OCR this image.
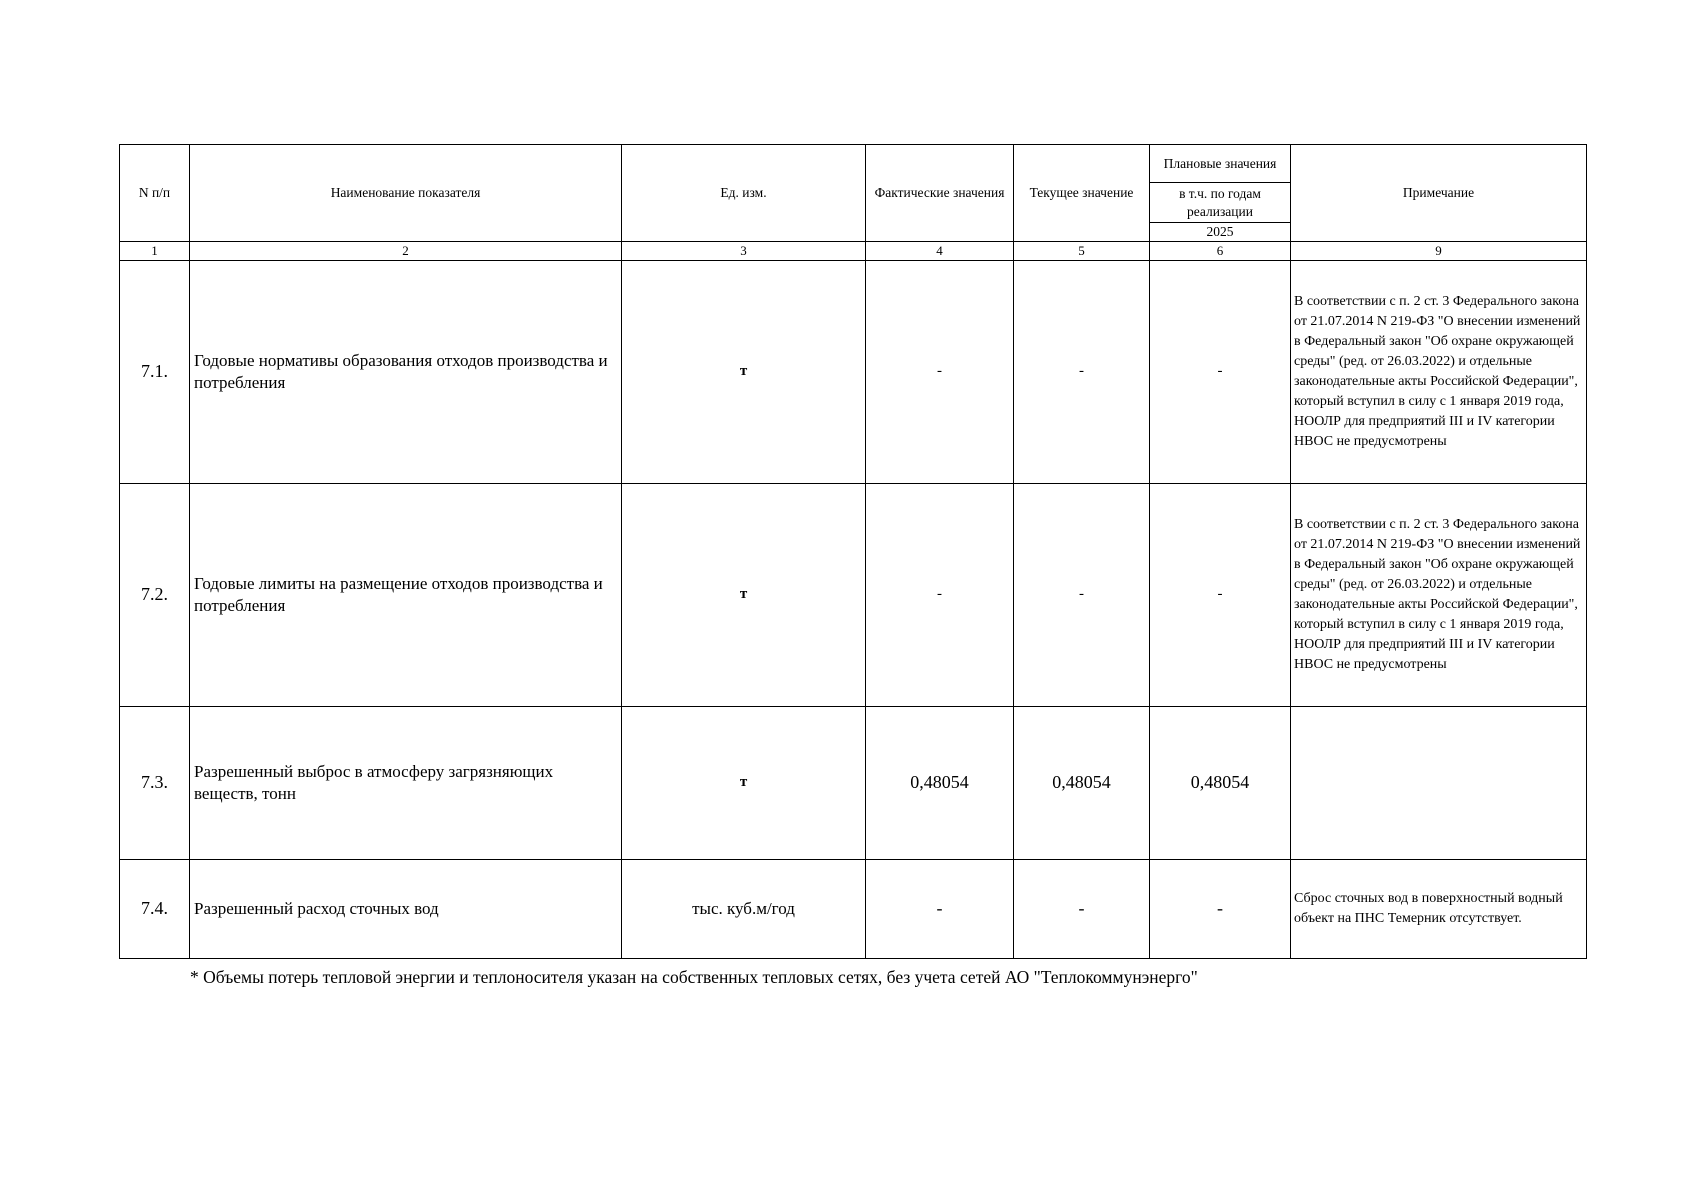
N п/п	Наименование показателя	Ед. изм.	Фактические значения	Текущее значение	Плановые значения	Примечание
					в т.ч. по годам реализации	
					2025	
1	2	3	4	5	6	9
7.1.	Годовые нормативы образования отходов производства и потребления	т	-	-	-	В соответствии с п. 2 ст. 3 Федерального закона от 21.07.2014 N 219-ФЗ "О внесении изменений в Федеральный закон "Об охране окружающей среды" (ред. от 26.03.2022) и отдельные законодательные акты Российской Федерации", который вступил в силу с 1 января 2019 года, НООЛР для предприятий III и IV категории НВОС не предусмотрены
7.2.	Годовые лимиты на размещение отходов производства и потребления	т	-	-	-	В соответствии с п. 2 ст. 3 Федерального закона от 21.07.2014 N 219-ФЗ "О внесении изменений в Федеральный закон "Об охране окружающей среды" (ред. от 26.03.2022) и отдельные законодательные акты Российской Федерации", который вступил в силу с 1 января 2019 года, НООЛР для предприятий III и IV категории НВОС не предусмотрены
7.3.	Разрешенный выброс в атмосферу загрязняющих веществ, тонн	т	0,48054	0,48054	0,48054	
7.4.	Разрешенный расход сточных вод	тыс. куб.м/год	-	-	-	Сброс сточных вод в поверхностный водный объект на ПНС Темерник отсутствует.
* Объемы потерь тепловой энергии и теплоносителя указан на собственных тепловых сетях, без учета сетей АО "Теплокоммунэнерго"
